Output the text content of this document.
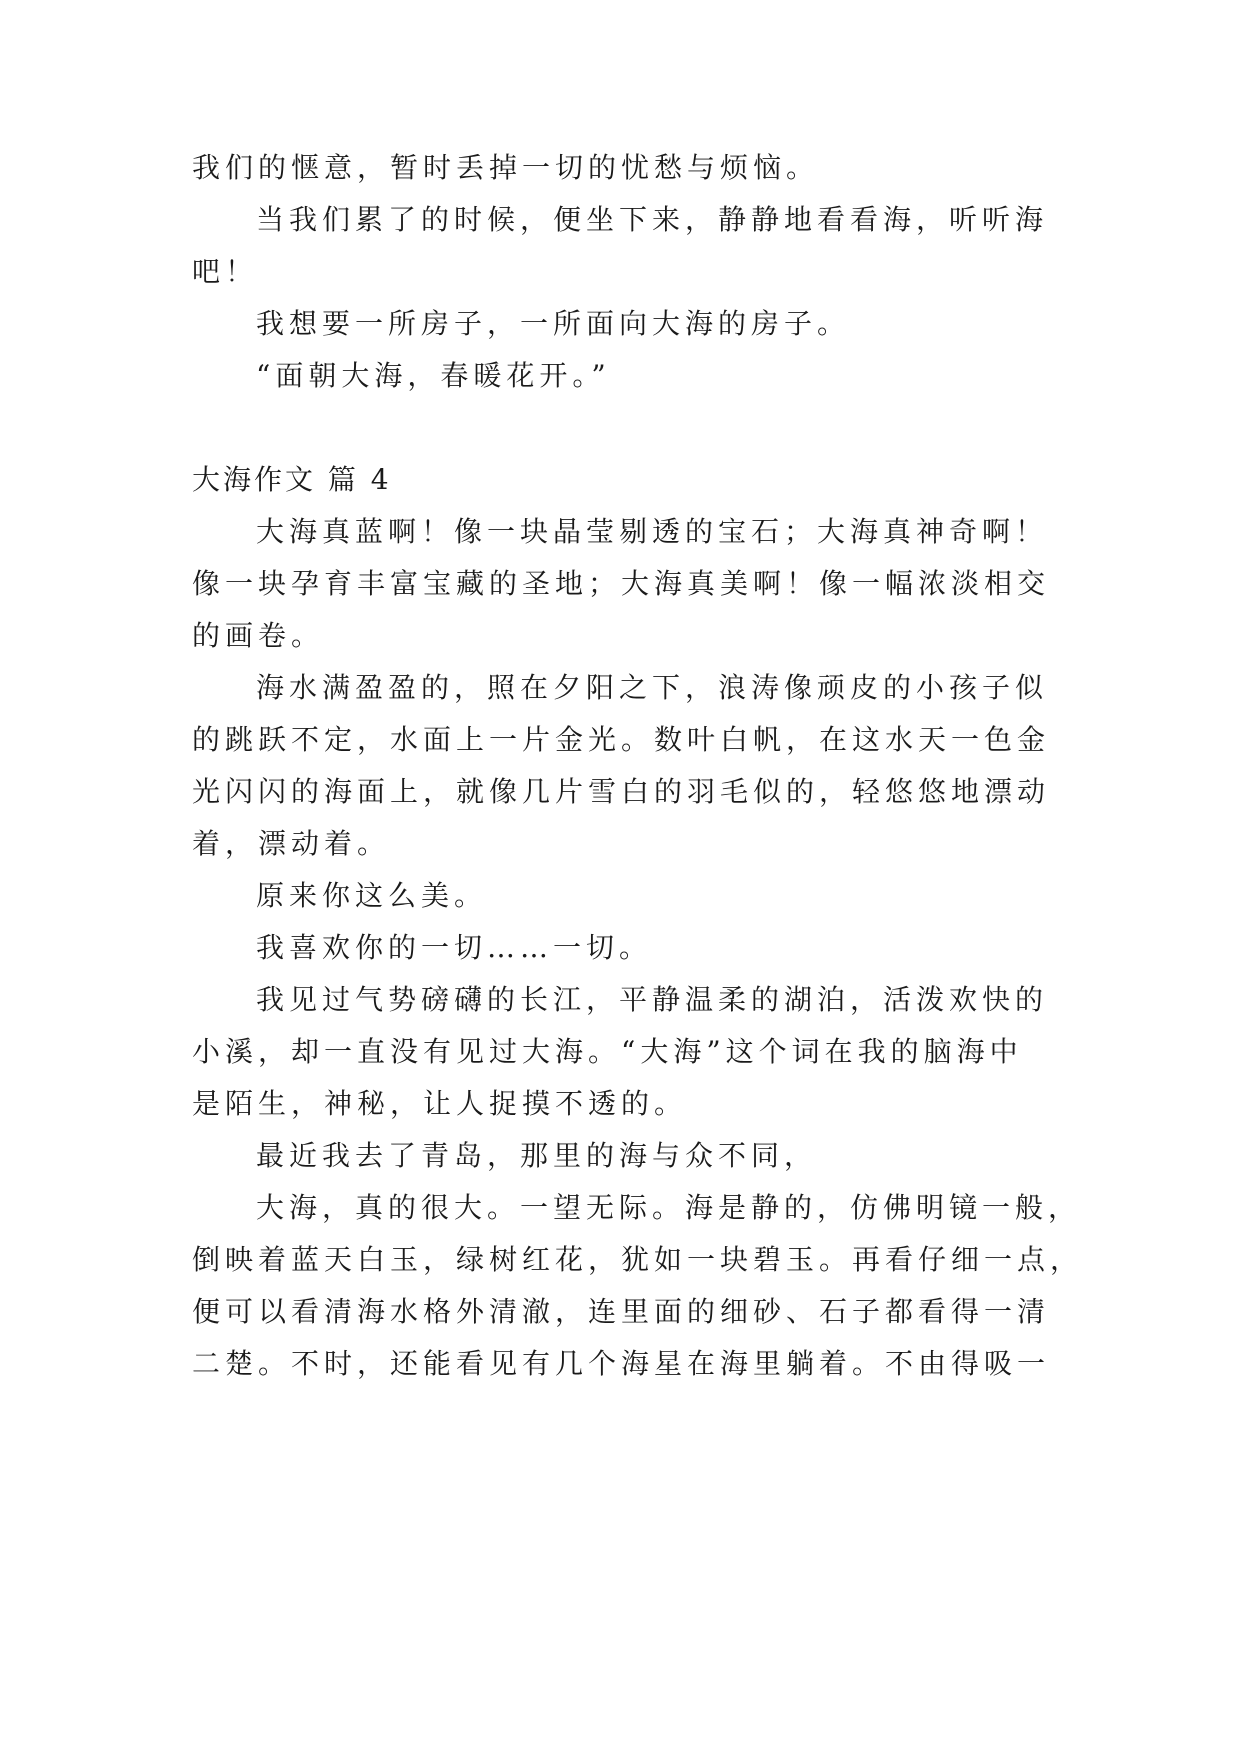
我们的惬意，暂时丢掉一切的忧愁与烦恼。
当我们累了的时候，便坐下来，静静地看看海，听听海
吧！
我想要一所房子，一所面向大海的房子。
“面朝大海，春暖花开。”
大海作文 篇 4
大海真蓝啊！像一块晶莹剔透的宝石；大海真神奇啊！
像一块孕育丰富宝藏的圣地；大海真美啊！像一幅浓淡相交
的画卷。
海水满盈盈的，照在夕阳之下，浪涛像顽皮的小孩子似
的跳跃不定，水面上一片金光。数叶白帆，在这水天一色金
光闪闪的海面上，就像几片雪白的羽毛似的，轻悠悠地漂动
着，漂动着。
原来你这么美。
我喜欢你的一切……一切。
我见过气势磅礴的长江，平静温柔的湖泊，活泼欢快的
小溪，却一直没有见过大海。“大海”这个词在我的脑海中
是陌生，神秘，让人捉摸不透的。
最近我去了青岛，那里的海与众不同，
大海，真的很大。一望无际。海是静的，仿佛明镜一般，
倒映着蓝天白玉，绿树红花，犹如一块碧玉。再看仔细一点，
便可以看清海水格外清澈，连里面的细砂、石子都看得一清
二楚。不时，还能看见有几个海星在海里躺着。不由得吸一
